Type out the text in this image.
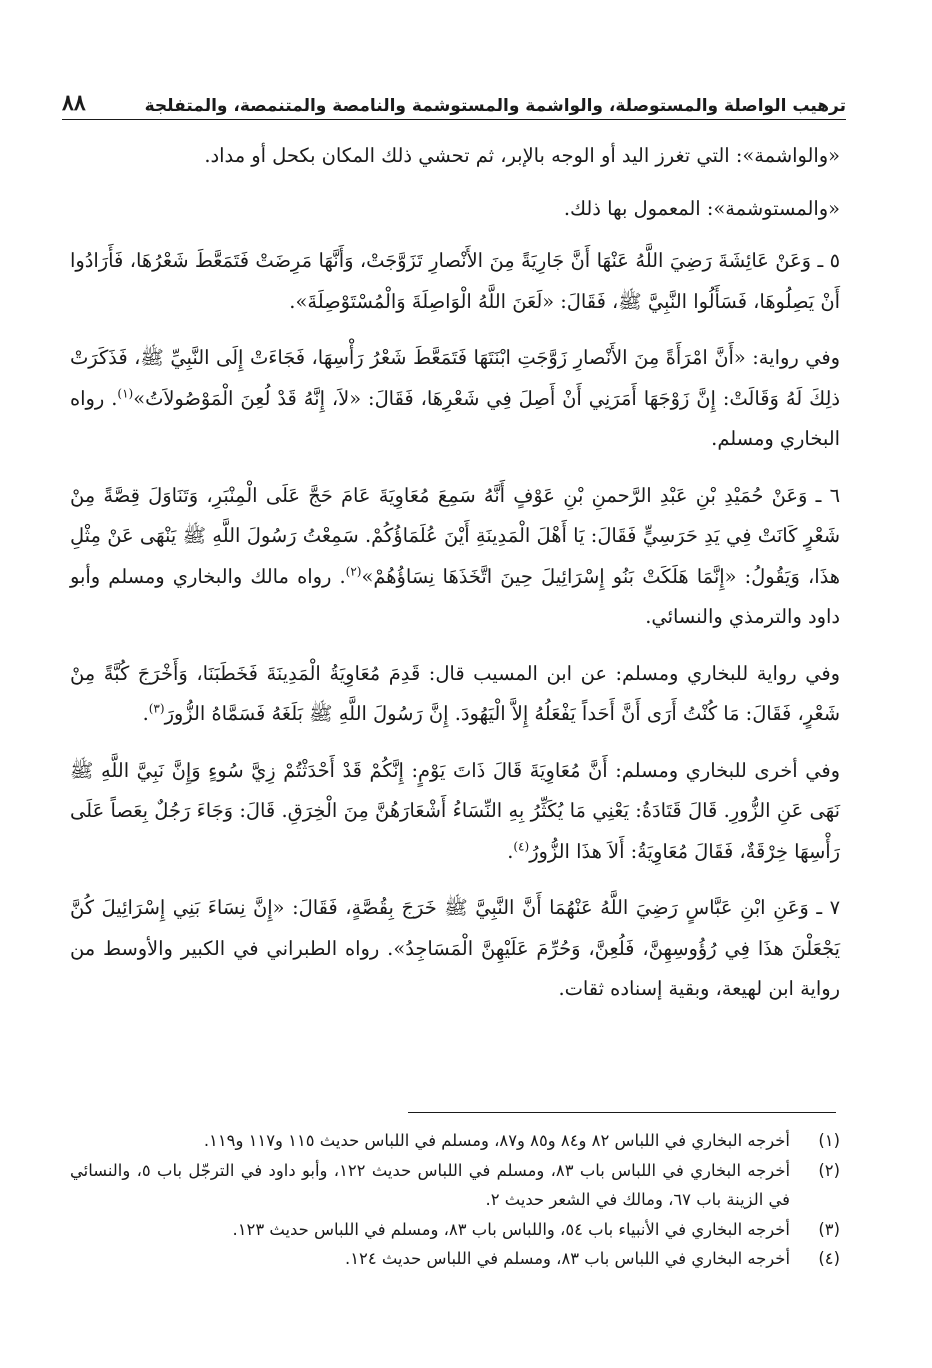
ترهيب الواصلة والمستوصلة، والواشمة والمستوشمة والنامصة والمتنمصة، والمتفلجة
٨٨

«والواشمة»: التي تغرز اليد أو الوجه بالإبر، ثم تحشي ذلك المكان بكحل أو مداد.

«والمستوشمة»: المعمول بها ذلك.

٥ ـ وَعَنْ عَائِشَةَ رَضِيَ اللَّهُ عَنْهَا أَنَّ جَارِيَةً مِنَ الأَنْصارِ تَزَوَّجَتْ، وَأَنَّهَا مَرِضَتْ فَتَمَعَّطَ شَعْرُهَا، فَأَرَادُوا أَنْ يَصِلُوهَا، فَسَأَلُوا النَّبِيَّ ﷺ، فَقَالَ: «لَعَنَ اللَّهُ الْوَاصِلَةَ وَالْمُسْتَوْصِلَةَ».

وفي رواية: «أَنَّ امْرَأَةً مِنَ الأَنْصارِ زَوَّجَتِ ابْنَتَهَا فَتَمَعَّطَ شَعْرُ رَأْسِهَا، فَجَاءَتْ إِلَى النَّبِيِّ ﷺ، فَذَكَرَتْ ذلِكَ لَهُ وَقَالَتْ: إِنَّ زَوْجَهَا أَمَرَنِي أَنْ أَصِلَ فِي شَعْرِهَا، فَقَالَ: «لاَ، إِنَّهُ قَدْ لُعِنَ الْمَوْصُولاَتُ»$^{(١)}$. رواه البخاري ومسلم.

٦ ـ وَعَنْ حُمَيْدِ بْنِ عَبْدِ الرَّحمنِ بْنِ عَوْفٍ أَنَّهُ سَمِعَ مُعَاوِيَةَ عَامَ حَجَّ عَلَى الْمِنْبَرِ، وَتَنَاوَلَ قِصَّةً مِنْ شَعْرٍ كَانَتْ فِي يَدِ حَرَسِيٍّ فَقَالَ: يَا أَهْلَ الْمَدِينَةِ أَيْنَ عُلَمَاؤُكُمْ. سَمِعْتُ رَسُولَ اللَّهِ ﷺ يَنْهَى عَنْ مِثْلِ هذَا، وَيَقُولُ: «إِنَّمَا هَلَكَتْ بَنُو إِسْرَائِيلَ حِينَ اتَّخَذَهَا نِسَاؤُهُمْ»$^{(٢)}$. رواه مالك والبخاري ومسلم وأبو داود والترمذي والنسائي.

وفي رواية للبخاري ومسلم: عن ابن المسيب قال: قَدِمَ مُعَاوِيَةُ الْمَدِينَةَ فَخَطَبَنَا، وَأَخْرَجَ كُبَّةً مِنْ شَعْرٍ، فَقَالَ: مَا كُنْتُ أَرَى أَنَّ أَحَداً يَفْعَلُهُ إِلاَّ الْيَهُودَ. إِنَّ رَسُولَ اللَّهِ ﷺ بَلَغَهُ فَسَمَّاهُ الزُّورَ$^{(٣)}$.

وفي أخرى للبخاري ومسلم: أَنَّ مُعَاوِيَةَ قَالَ ذَاتَ يَوْمٍ: إِنَّكُمْ قَدْ أَحْدَثْتُمْ زِيَّ سُوءٍ وَإِنَّ نَبِيَّ اللَّهِ ﷺ نَهَى عَنِ الزُّورِ. قَالَ قَتَادَةُ: يَعْنِي مَا يُكَثِّرُ بِهِ النِّسَاءُ أَشْعَارَهُنَّ مِنَ الْخِرَقِ. قَالَ: وَجَاءَ رَجُلٌ بِعَصاً عَلَى رَأْسِهَا خِرْقَةٌ، فَقَالَ مُعَاوِيَةُ: أَلاَ هذَا الزُّورُ$^{(٤)}$.

٧ ـ وَعَنِ ابْنِ عَبَّاسٍ رَضِيَ اللَّهُ عَنْهُمَا أَنَّ النَّبِيَّ ﷺ خَرَجَ بِقُصَّةٍ، فَقَالَ: «إِنَّ نِسَاءَ بَنِي إِسْرَائِيلَ كُنَّ يَجْعَلْنَ هذَا فِي رُؤُوسِهِنَّ، فَلُعِنَّ، وَحُرِّمَ عَلَيْهِنَّ الْمَسَاجِدُ». رواه الطبراني في الكبير والأوسط من رواية ابن لهيعة، وبقية إسناده ثقات.

(١)
أخرجه البخاري في اللباس ٨٢ و٨٤ و٨٥ و٨٧، ومسلم في اللباس حديث ١١٥ و١١٧ و١١٩.
(٢)
أخرجه البخاري في اللباس باب ٨٣، ومسلم في اللباس حديث ١٢٢، وأبو داود في الترجّل باب ٥، والنسائي في الزينة باب ٦٧، ومالك في الشعر حديث ٢.
(٣)
أخرجه البخاري في الأنبياء باب ٥٤، واللباس باب ٨٣، ومسلم في اللباس حديث ١٢٣.
(٤)
أخرجه البخاري في اللباس باب ٨٣، ومسلم في اللباس حديث ١٢٤.
